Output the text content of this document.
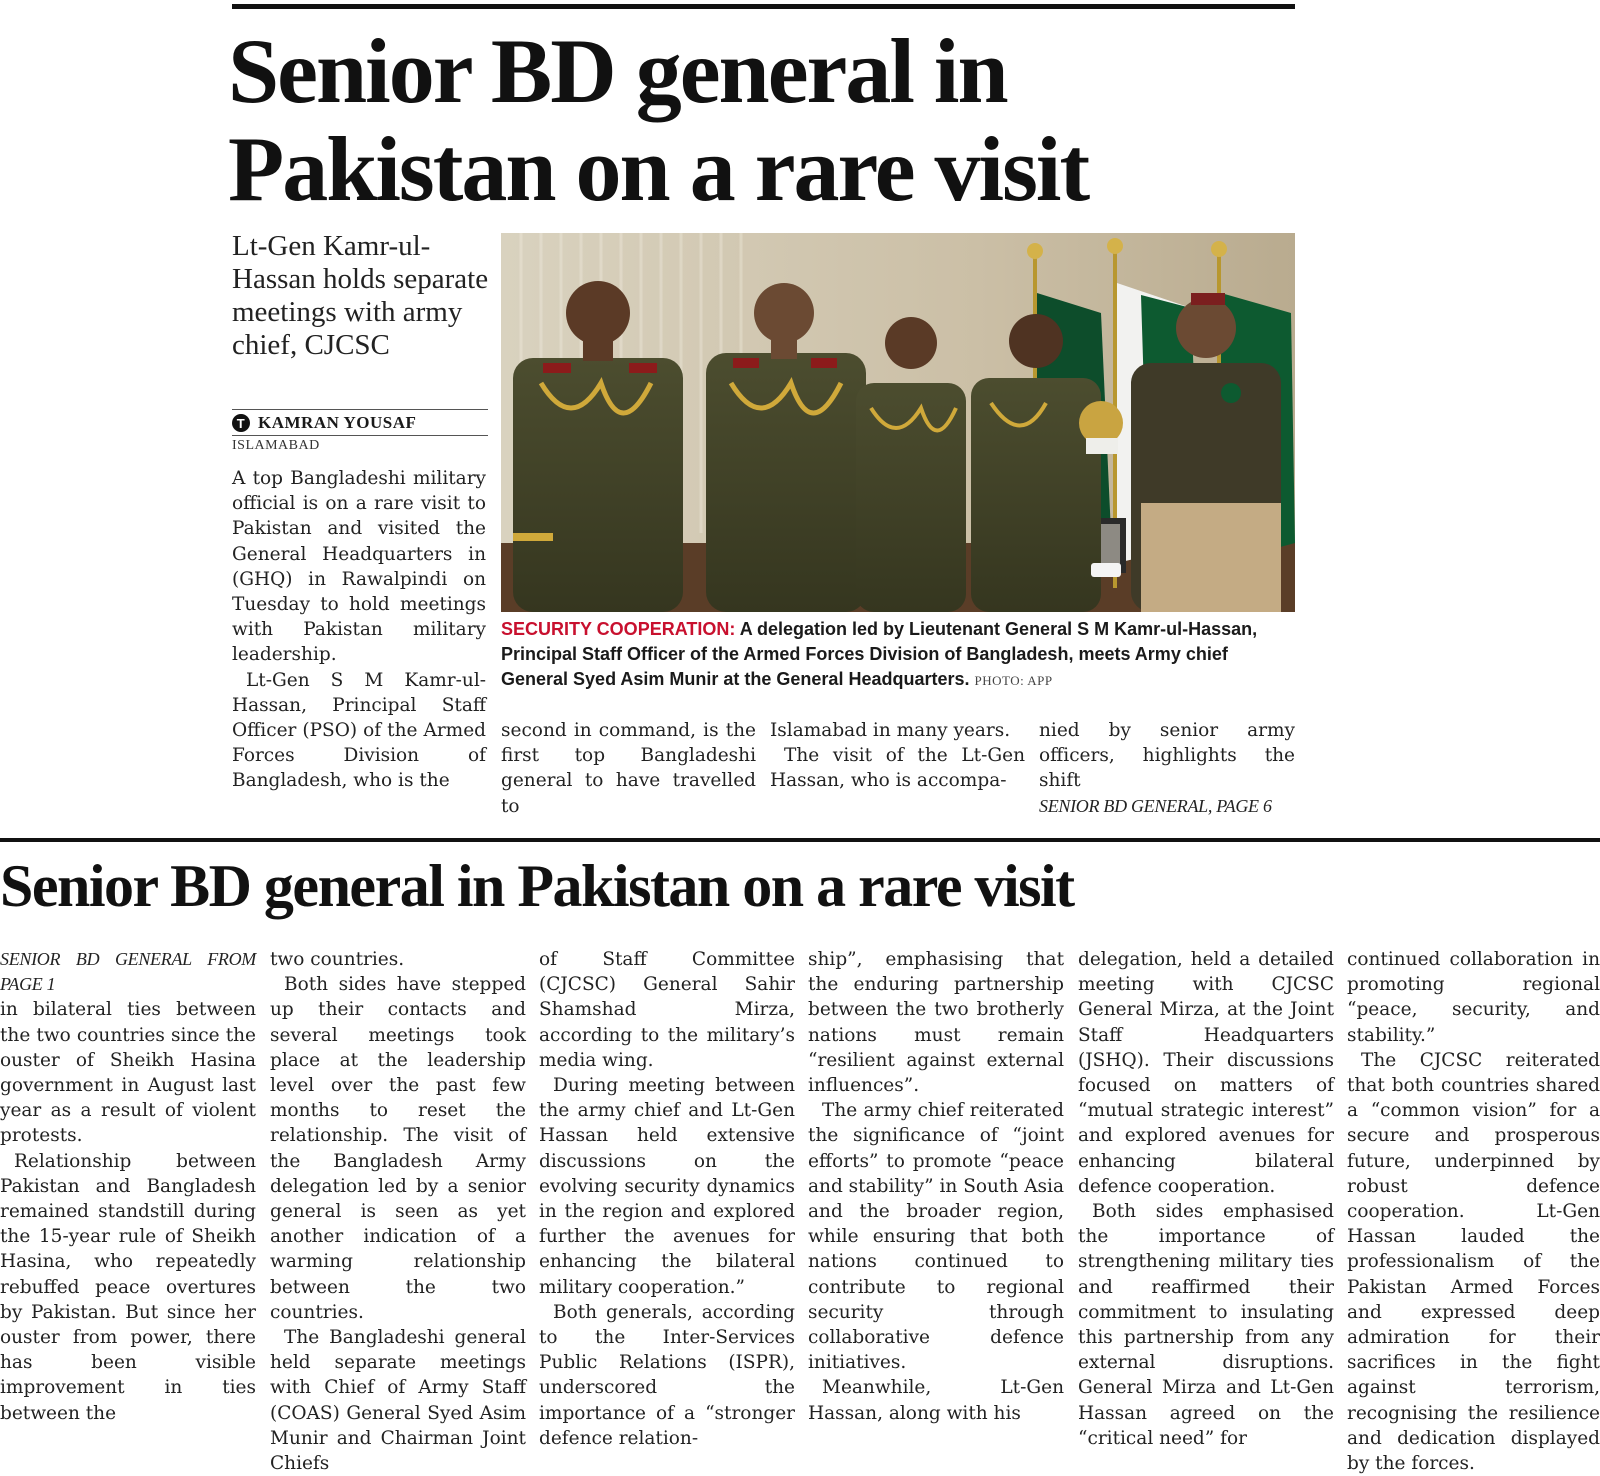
Senior BD general in Pakistan on a rare visit
Lt-Gen Kamr-ul-Hassan holds separate meetings with army chief, CJCSC
T KAMRAN YOUSAF
ISLAMABAD

A top Bangladeshi military official is on a rare visit to Pakistan and visited the General Headquarters in (GHQ) in Rawalpindi on Tuesday to hold meetings with Pakistan military leadership.

Lt-Gen S M Kamr-ul-Hassan, Principal Staff Officer (PSO) of the Armed Forces Division of Bangladesh, who is the

SECURITY COOPERATION: A delegation led by Lieutenant General S M Kamr-ul-Hassan, Principal Staff Officer of the Armed Forces Division of Bangladesh, meets Army chief General Syed Asim Munir at the General Headquarters. PHOTO: APP

second in command, is the first top Bangladeshi general to have travelled to

Islamabad in many years.

The visit of the Lt-Gen Hassan, who is accompa-

nied by senior army officers, highlights the shift

SENIOR BD GENERAL, PAGE 6

Senior BD general in Pakistan on a rare visit

SENIOR BD GENERAL FROM PAGE 1

in bilateral ties between the two countries since the ouster of Sheikh Hasina government in August last year as a result of violent protests.

Relationship between Pakistan and Bangladesh remained standstill during the 15-year rule of Sheikh Hasina, who repeatedly rebuffed peace overtures by Pakistan. But since her ouster from power, there has been visible improvement in ties between the

two countries.

Both sides have stepped up their contacts and several meetings took place at the leadership level over the past few months to reset the relationship. The visit of the Bangladesh Army delegation led by a senior general is seen as yet another indication of a warming relationship between the two countries.

The Bangladeshi general held separate meetings with Chief of Army Staff (COAS) General Syed Asim Munir and Chairman Joint Chiefs

of Staff Committee (CJCSC) General Sahir Shamshad Mirza, according to the military’s media wing.

During meeting between the army chief and Lt-Gen Hassan held extensive discussions on the evolving security dynamics in the region and explored further the avenues for enhancing the bilateral military cooperation.”

Both generals, according to the Inter-Services Public Relations (ISPR), underscored the importance of a “stronger defence relation-

ship”, emphasising that the enduring partnership between the two brotherly nations must remain “resilient against external influences”.

The army chief reiterated the significance of “joint efforts” to promote “peace and stability” in South Asia and the broader region, while ensuring that both nations continued to contribute to regional security through collaborative defence initiatives.

Meanwhile, Lt-Gen Hassan, along with his

delegation, held a detailed meeting with CJCSC General Mirza, at the Joint Staff Headquarters (JSHQ). Their discussions focused on matters of “mutual strategic interest” and explored avenues for enhancing bilateral defence cooperation.

Both sides emphasised the importance of strengthening military ties and reaffirmed their commitment to insulating this partnership from any external disruptions. General Mirza and Lt-Gen Hassan agreed on the “critical need” for

continued collaboration in promoting regional “peace, security, and stability.”

The CJCSC reiterated that both countries shared a “common vision” for a secure and prosperous future, underpinned by robust defence cooperation. Lt-Gen Hassan lauded the professionalism of the Pakistan Armed Forces and expressed deep admiration for their sacrifices in the fight against terrorism, recognising the resilience and dedication displayed by the forces.
